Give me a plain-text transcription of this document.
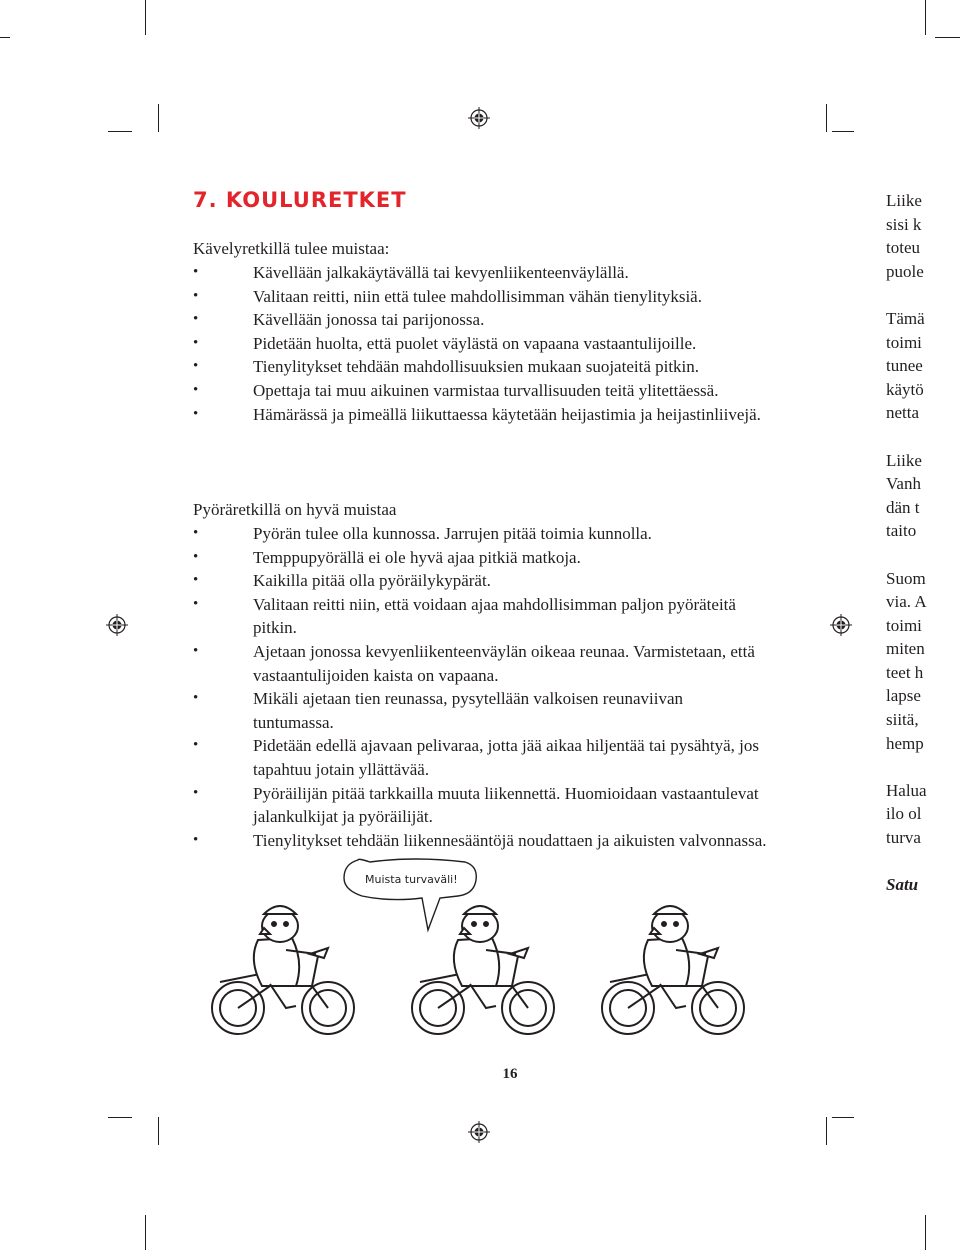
7. KOULURETKET

Kävelyretkillä tulee muistaa:

• Kävellään jalkakäytävällä tai kevyenliikenteenväylällä.
• Valitaan reitti, niin että tulee mahdollisimman vähän tienylityksiä.
• Kävellään jonossa tai parijonossa.
• Pidetään huolta, että puolet väylästä on vapaana vastaantulijoille.
• Tienylitykset tehdään mahdollisuuksien mukaan suojateitä pitkin.
• Opettaja tai muu aikuinen varmistaa turvallisuuden teitä ylitettäessä.
• Hämärässä ja pimeällä liikuttaessa käytetään heijastimia ja heijastinliivejä.

Pyöräretkillä on hyvä muistaa

• Pyörän tulee olla kunnossa. Jarrujen pitää toimia kunnolla.
• Temppupyörällä ei ole hyvä ajaa pitkiä matkoja.
• Kaikilla pitää olla pyöräilykypärät.
• Valitaan reitti niin, että voidaan ajaa mahdollisimman paljon pyöräteitä pitkin.
• Ajetaan jonossa kevyenliikenteenväylän oikeaa reunaa. Varmistetaan, että vastaantulijoiden kaista on vapaana.
• Mikäli ajetaan tien reunassa, pysytellään valkoisen reunaviivan tuntumassa.
• Pidetään edellä ajavaan pelivaraa, jotta jää aikaa hiljentää tai pysähtyä, jos tapahtuu jotain yllättävää.
• Pyöräilijän pitää tarkkailla muuta liikennettä. Huomioidaan vastaantulevat jalankulkijat ja pyöräilijät.
• Tienylitykset tehdään liikennesääntöjä noudattaen ja aikuisten valvonnassa.
Muista turvaväli!
16

Liike
sisi k
toteu
puole

Tämä
toimi
tunee
käytö
netta

Liike
Vanh
dän t
taito

Suom
via. A
toimi
miten
teet h
lapse
siitä,
hemp

Halua
ilo ol
turva

Satu
